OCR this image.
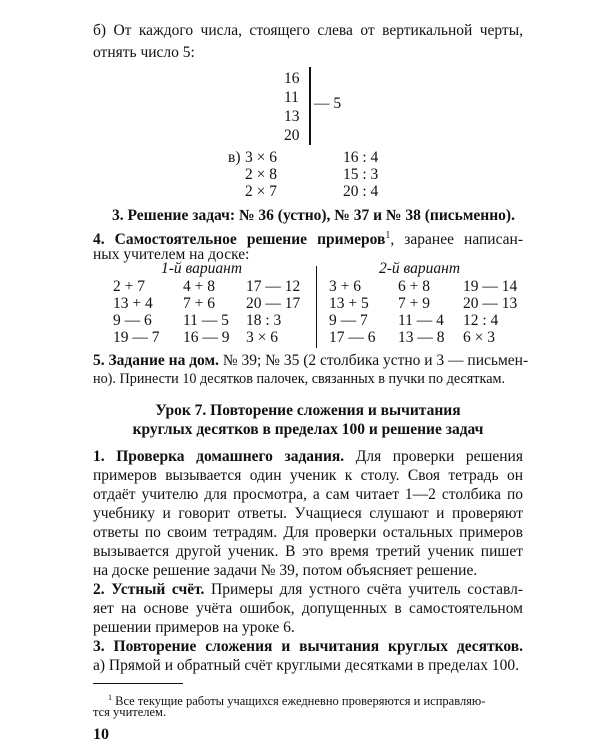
б) От каждого числа, стоящего слева от вертикальной черты,
отнять число 5:
16
11
13
20
— 5
в) 3 × 6
2 × 8
2 × 7
16 : 4
15 : 3
20 : 4
3. Решение задач: № 36 (устно), № 37 и № 38 (письменно).
4. Самостоятельное решение примеров$^1$, заранее написан-
ных учителем на доске:
1-й вариант	2-й вариант
2 + 7 4 + 8 17 — 12
13 + 4 7 + 6 20 — 17
9 — 6 11 — 5 18 : 3
19 — 7 16 — 9 3 × 6
3 + 6 6 + 8 19 — 14
13 + 5 7 + 9 20 — 13
9 — 7 11 — 4 12 : 4
17 — 6 13 — 8 6 × 3
5. Задание на дом. № 39; № 35 (2 столбика устно и 3 — письмен-
но). Принести 10 десятков палочек, связанных в пучки по десяткам.
Урок 7. Повторение сложения и вычитания
круглых десятков в пределах 100 и решение задач
1. Проверка домашнего задания. Для проверки решения
примеров вызывается один ученик к столу. Своя тетрадь он
отдаёт учителю для просмотра, а сам читает 1—2 столбика по
учебнику и говорит ответы. Учащиеся слушают и проверяют
ответы по своим тетрадям. Для проверки остальных примеров
вызывается другой ученик. В это время третий ученик пишет
на доске решение задачи № 39, потом объясняет решение.
2. Устный счёт. Примеры для устного счёта учитель составл-
яет на основе учёта ошибок, допущенных в самостоятельном
решении примеров на уроке 6.
3. Повторение сложения и вычитания круглых десятков.
а) Прямой и обратный счёт круглыми десятками в пределах 100.
$^1$ Все текущие работы учащихся ежедневно проверяются и исправляю-
тся учителем.
10
